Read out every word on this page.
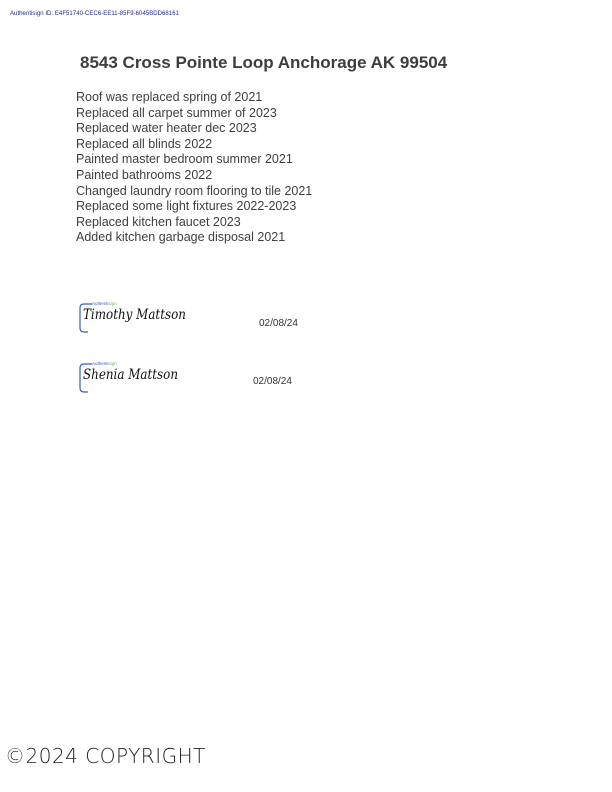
Authentisign ID: E4F51740-CEC6-EE11-85F9-6045BDD68161
8543 Cross Pointe Loop Anchorage AK 99504
Roof was replaced spring of 2021
Replaced all carpet summer of 2023
Replaced water heater dec 2023
Replaced all blinds 2022
Painted master bedroom summer 2021
Painted bathrooms 2022
Changed laundry room flooring to tile 2021
Replaced some light fixtures 2022-2023
Replaced kitchen faucet 2023
Added kitchen garbage disposal 2021
Authentisign
Timothy Mattson
02/08/24
Authentisign
Shenia Mattson	02/08/24
©2024 COPYRIGHT
